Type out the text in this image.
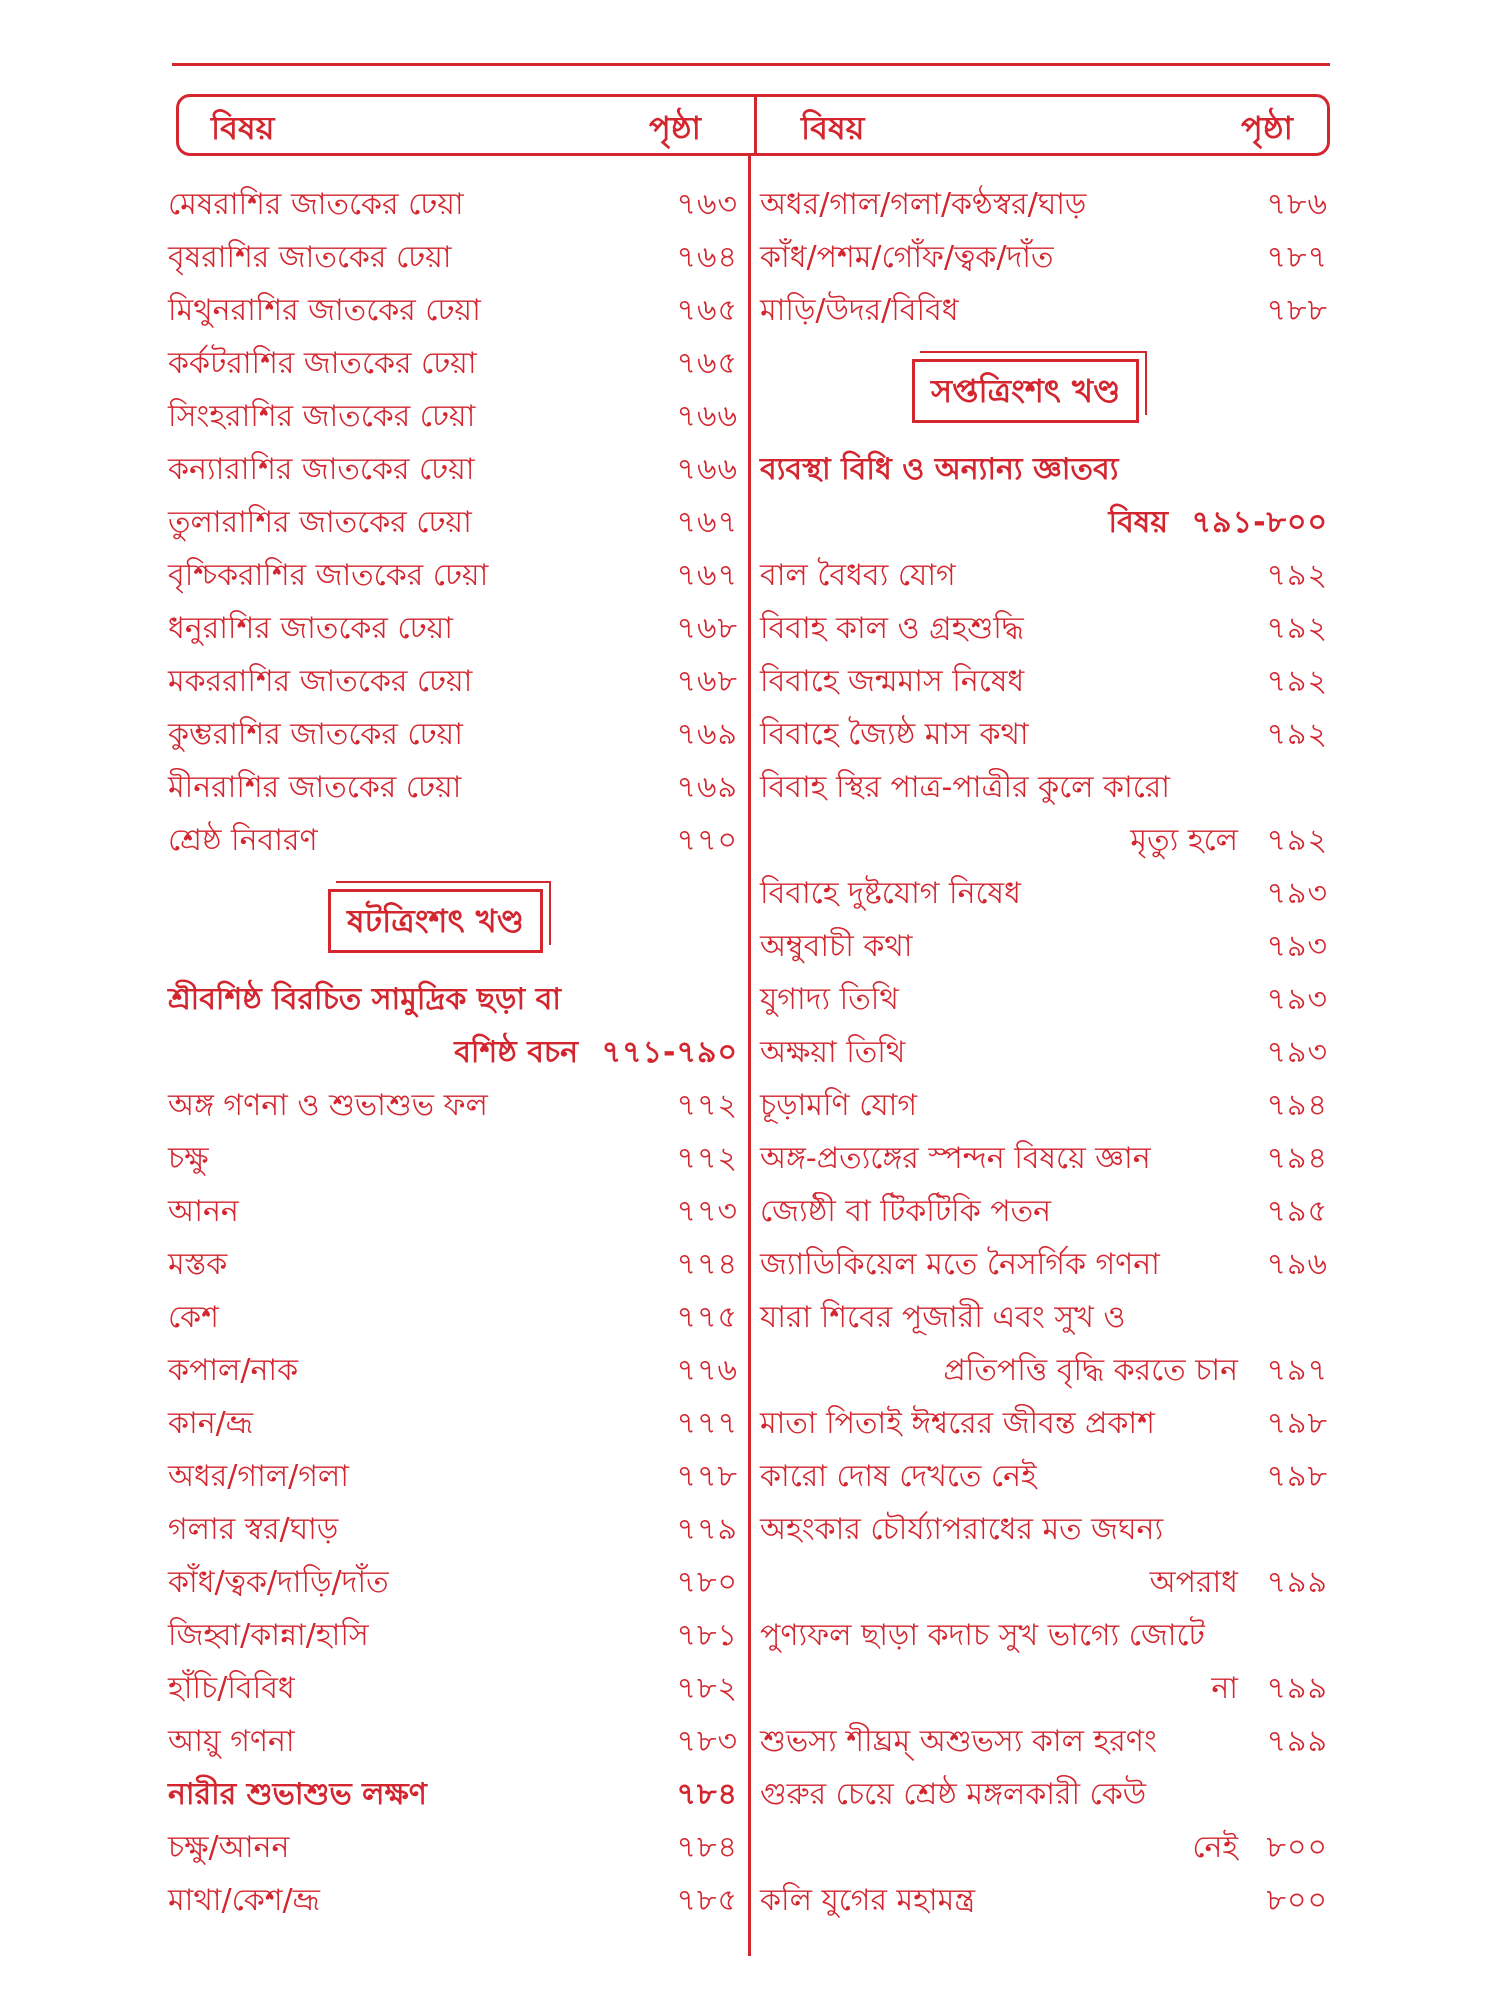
বিষয়	পৃষ্ঠা	বিষয়	পৃষ্ঠা
মেষরাশির জাতকের ঢেয়া	৭৬৩
বৃষরাশির জাতকের ঢেয়া	৭৬৪
মিথুনরাশির জাতকের ঢেয়া	৭৬৫
কর্কটরাশির জাতকের ঢেয়া	৭৬৫
সিংহরাশির জাতকের ঢেয়া	৭৬৬
কন্যারাশির জাতকের ঢেয়া	৭৬৬
তুলারাশির জাতকের ঢেয়া	৭৬৭
বৃশ্চিকরাশির জাতকের ঢেয়া	৭৬৭
ধনুরাশির জাতকের ঢেয়া	৭৬৮
মকররাশির জাতকের ঢেয়া	৭৬৮
কুম্ভরাশির জাতকের ঢেয়া	৭৬৯
মীনরাশির জাতকের ঢেয়া	৭৬৯
শ্রেষ্ঠ নিবারণ	৭৭০
ষটত্রিংশৎ খণ্ড
শ্রীবশিষ্ঠ বিরচিত সামুদ্রিক ছড়া বা
বশিষ্ঠ বচন ৭৭১-৭৯০
অঙ্গ গণনা ও শুভাশুভ ফল	৭৭২
চক্ষু	৭৭২
আনন	৭৭৩
মস্তক	৭৭৪
কেশ	৭৭৫
কপাল/নাক	৭৭৬
কান/ভ্রূ	৭৭৭
অধর/গাল/গলা	৭৭৮
গলার স্বর/ঘাড়	৭৭৯
কাঁধ/ত্বক/দাড়ি/দাঁত	৭৮০
জিহ্বা/কান্না/হাসি	৭৮১
হাঁচি/বিবিধ	৭৮২
আয়ু গণনা	৭৮৩
নারীর শুভাশুভ লক্ষণ	৭৮৪
চক্ষু/আনন	৭৮৪
মাথা/কেশ/ভ্রূ	৭৮৫
অধর/গাল/গলা/কণ্ঠস্বর/ঘাড়	৭৮৬
কাঁধ/পশম/গোঁফ/ত্বক/দাঁত	৭৮৭
মাড়ি/উদর/বিবিধ	৭৮৮
সপ্তত্রিংশৎ খণ্ড
ব্যবস্থা বিধি ও অন্যান্য জ্ঞাতব্য
বিষয় ৭৯১-৮০০
বাল বৈধব্য যোগ	৭৯২
বিবাহ কাল ও গ্রহশুদ্ধি	৭৯২
বিবাহে জন্মমাস নিষেধ	৭৯২
বিবাহে জ্যৈষ্ঠ মাস কথা	৭৯২
বিবাহ স্থির পাত্র-পাত্রীর কুলে কারো
মৃত্যু হলে ৭৯২
বিবাহে দুষ্টযোগ নিষেধ	৭৯৩
অম্বুবাচী কথা	৭৯৩
যুগাদ্য তিথি	৭৯৩
অক্ষয়া তিথি	৭৯৩
চূড়ামণি যোগ	৭৯৪
অঙ্গ-প্রত্যঙ্গের স্পন্দন বিষয়ে জ্ঞান	৭৯৪
জ্যেষ্ঠী বা টিকটিকি পতন	৭৯৫
জ্যাডিকিয়েল মতে নৈসর্গিক গণনা	৭৯৬
যারা শিবের পূজারী এবং সুখ ও
প্রতিপত্তি বৃদ্ধি করতে চান ৭৯৭
মাতা পিতাই ঈশ্বরের জীবন্ত প্রকাশ	৭৯৮
কারো দোষ দেখতে নেই	৭৯৮
অহংকার চৌর্য্যাপরাধের মত জঘন্য
অপরাধ ৭৯৯
পুণ্যফল ছাড়া কদাচ সুখ ভাগ্যে জোটে
না ৭৯৯
শুভস্য শীঘ্রম্ অশুভস্য কাল হরণং	৭৯৯
গুরুর চেয়ে শ্রেষ্ঠ মঙ্গলকারী কেউ
নেই ৮০০
কলি যুগের মহামন্ত্র	৮০০
